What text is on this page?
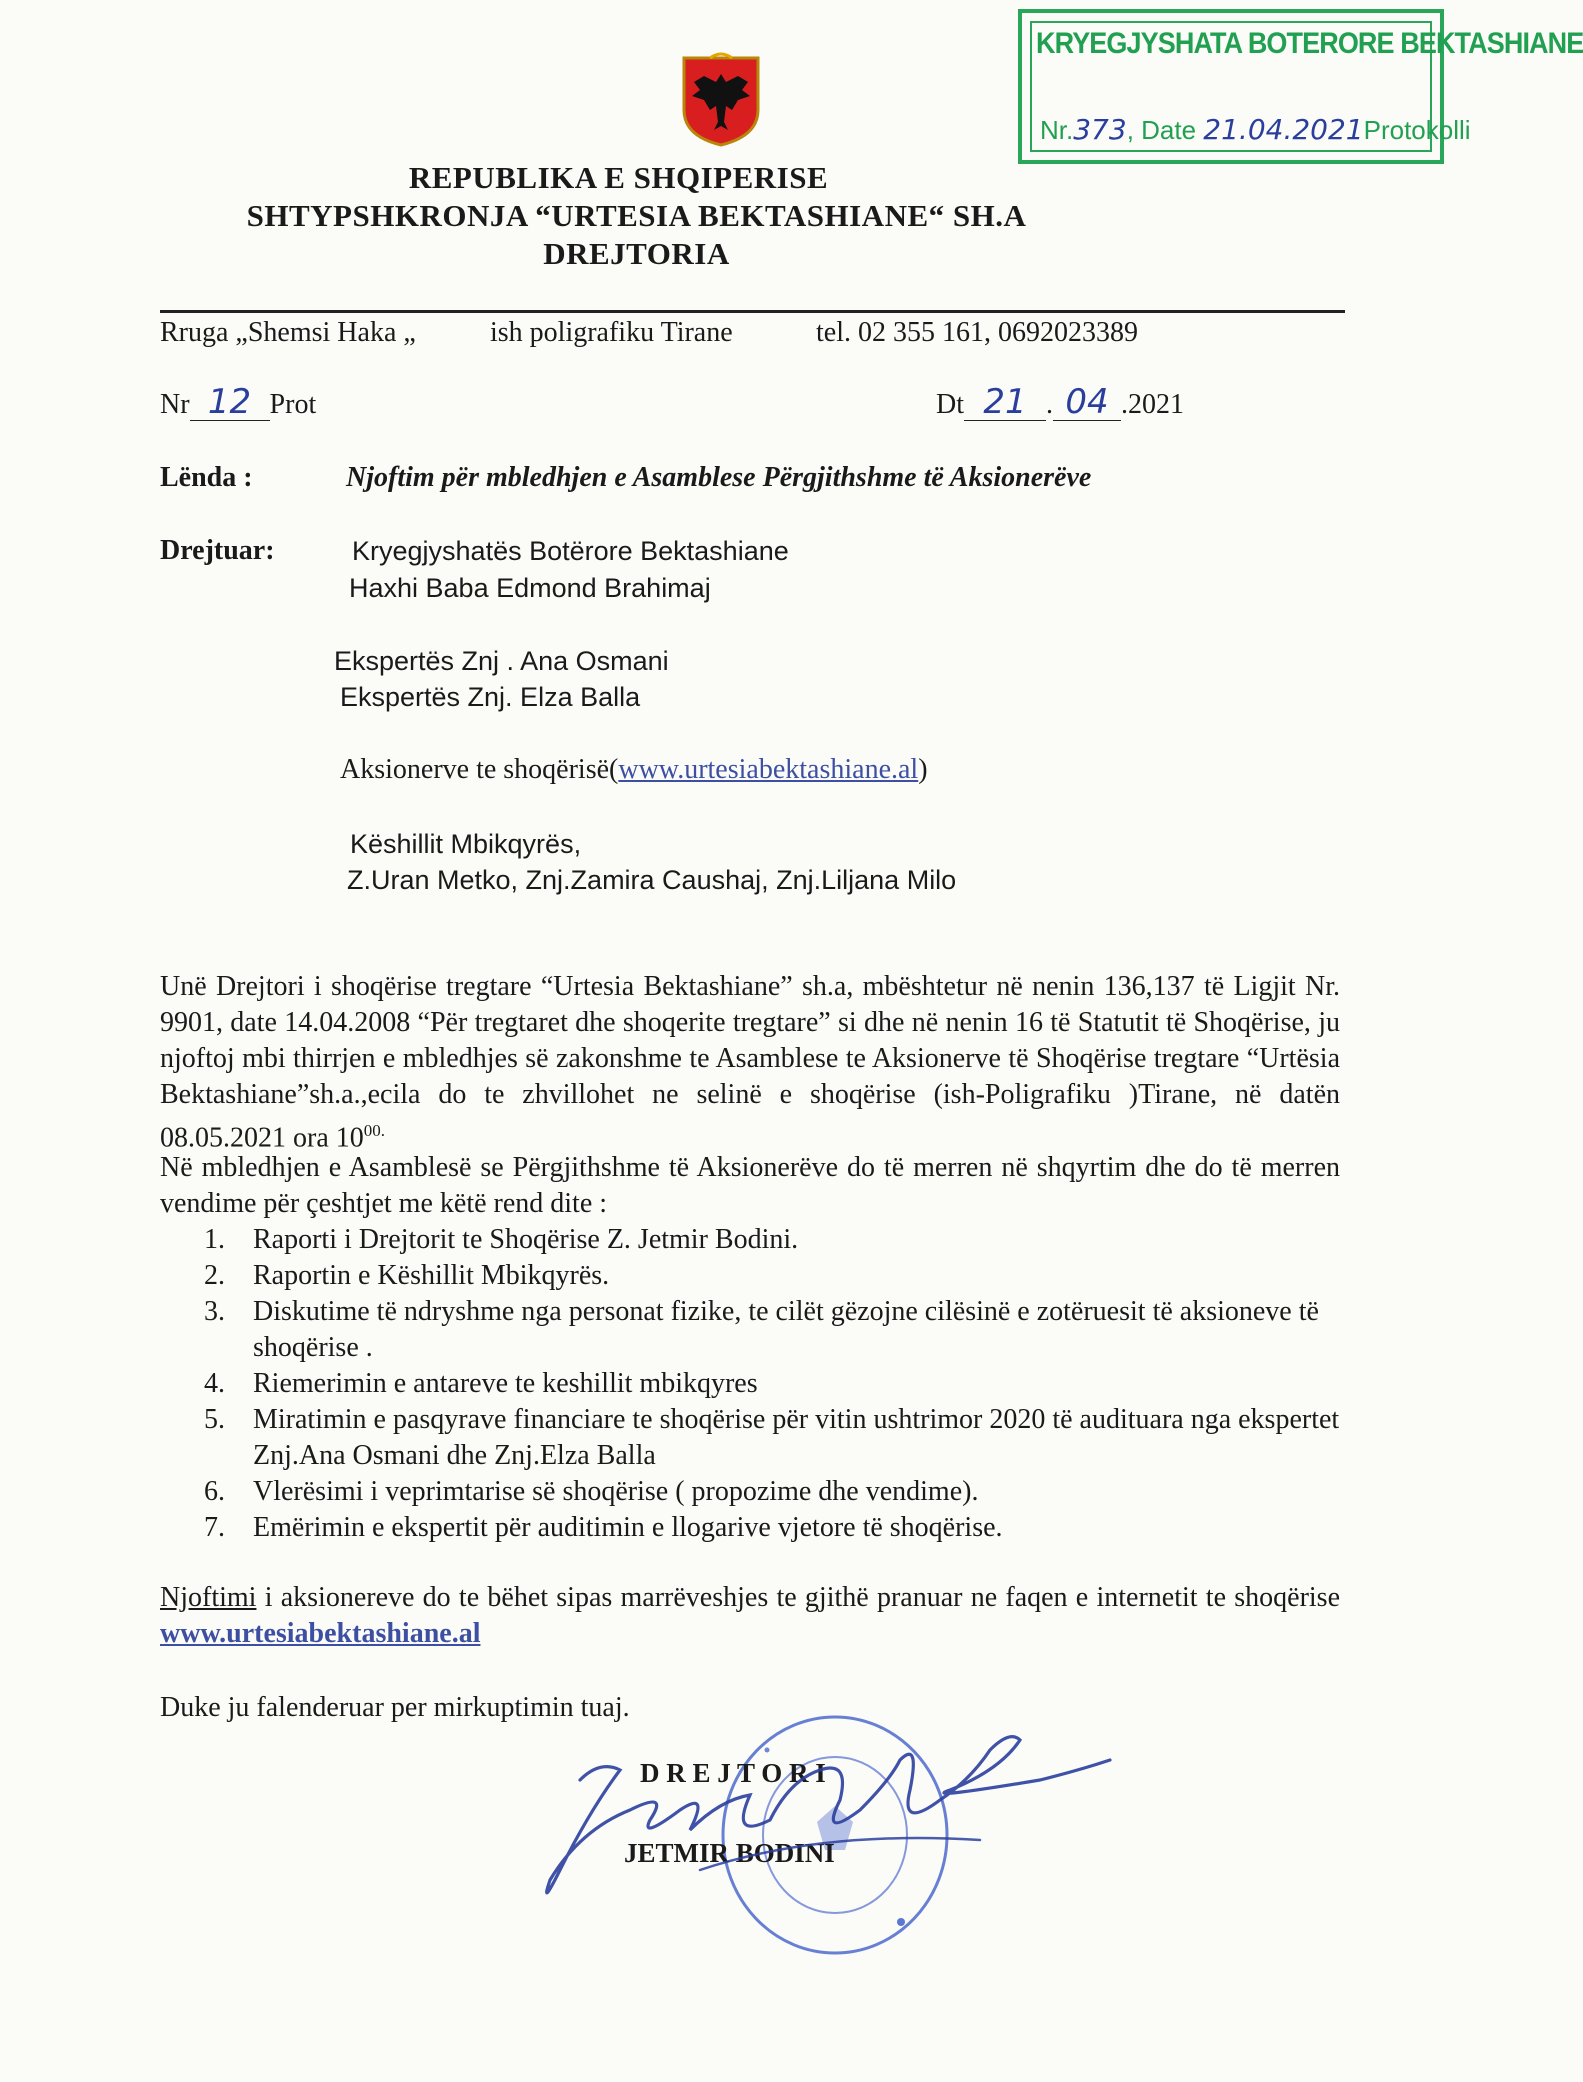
KRYEGJYSHATA BOTERORE BEKTASHIANE
Nr.373, Date 21.04.2021Protokolli
REPUBLIKA E SHQIPERISE
SHTYPSHKRONJA “URTESIA BEKTASHIANE“ SH.A
DREJTORIA
Rruga „Shemsi Haka „	ish poligrafiku Tirane	tel. 02 355 161, 0692023389
Nr 12 Prot	Dt 21 . 04 .2021
Lënda :	Njoftim për mbledhjen e Asamblese Përgjithshme të Aksionerëve
Drejtuar:	Kryegjyshatës Botërore Bektashiane
Haxhi Baba Edmond Brahimaj
Ekspertës Znj . Ana Osmani
Ekspertës Znj. Elza Balla
Aksionerve te shoqërisë(www.urtesiabektashiane.al)
Këshillit Mbikqyrës,
Z.Uran Metko, Znj.Zamira Caushaj, Znj.Liljana Milo
Unë Drejtori i shoqërise tregtare “Urtesia Bektashiane” sh.a, mbështetur në nenin 136,137 të Ligjit Nr. 9901, date 14.04.2008 “Për tregtaret dhe shoqerite tregtare” si dhe në nenin 16 të Statutit të Shoqërise, ju njoftoj mbi thirrjen e mbledhjes së zakonshme te Asamblese te Aksionerve të Shoqërise tregtare “Urtësia Bektashiane”sh.a.,ecila do te zhvillohet ne selinë e shoqërise (ish-Poligrafiku )Tirane, në datën 08.05.2021 ora $10^{00.}$
Në mbledhjen e Asamblesë se Përgjithshme të Aksionerëve do të merren në shqyrtim dhe do të merren vendime për çeshtjet me këtë rend dite :
1. Raporti i Drejtorit te Shoqërise Z. Jetmir Bodini.
2. Raportin e Këshillit Mbikqyrës.
3. Diskutime të ndryshme nga personat fizike, te cilët gëzojne cilësinë e zotëruesit të aksioneve të shoqërise .
4. Riemerimin e antareve te keshillit mbikqyres
5. Miratimin e pasqyrave financiare te shoqërise për vitin ushtrimor 2020 të audituara nga ekspertet Znj.Ana Osmani dhe Znj.Elza Balla
6. Vlerësimi i veprimtarise së shoqërise ( propozime dhe vendime).
7. Emërimin e ekspertit për auditimin e llogarive vjetore të shoqërise.
Njoftimi i aksionereve do te bëhet sipas marrëveshjes te gjithë pranuar ne faqen e internetit te shoqërise www.urtesiabektashiane.al
Duke ju falenderuar per mirkuptimin tuaj.
D R E J T O R I
JETMIR BODINI
